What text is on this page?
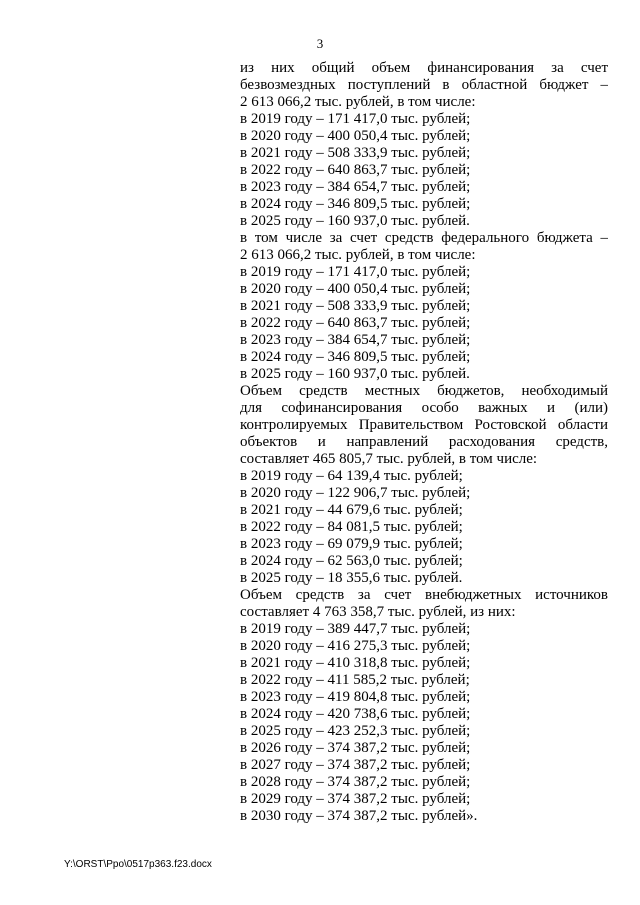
3
из них общий объем финансирования за счет
безвозмездных поступлений в областной бюджет –
2 613 066,2 тыс. рублей, в том числе:
в 2019 году – 171 417,0 тыс. рублей;
в 2020 году – 400 050,4 тыс. рублей;
в 2021 году – 508 333,9 тыс. рублей;
в 2022 году – 640 863,7 тыс. рублей;
в 2023 году – 384 654,7 тыс. рублей;
в 2024 году – 346 809,5 тыс. рублей;
в 2025 году – 160 937,0 тыс. рублей.
в том числе за счет средств федерального бюджета –
2 613 066,2 тыс. рублей, в том числе:
в 2019 году – 171 417,0 тыс. рублей;
в 2020 году – 400 050,4 тыс. рублей;
в 2021 году – 508 333,9 тыс. рублей;
в 2022 году – 640 863,7 тыс. рублей;
в 2023 году – 384 654,7 тыс. рублей;
в 2024 году – 346 809,5 тыс. рублей;
в 2025 году – 160 937,0 тыс. рублей.
Объем средств местных бюджетов, необходимый
для софинансирования особо важных и (или)
контролируемых Правительством Ростовской области
объектов и направлений расходования средств,
составляет 465 805,7 тыс. рублей, в том числе:
в 2019 году – 64 139,4 тыс. рублей;
в 2020 году – 122 906,7 тыс. рублей;
в 2021 году – 44 679,6 тыс. рублей;
в 2022 году – 84 081,5 тыс. рублей;
в 2023 году – 69 079,9 тыс. рублей;
в 2024 году – 62 563,0 тыс. рублей;
в 2025 году – 18 355,6 тыс. рублей.
Объем средств за счет внебюджетных источников
составляет 4 763 358,7 тыс. рублей, из них:
в 2019 году – 389 447,7 тыс. рублей;
в 2020 году – 416 275,3 тыс. рублей;
в 2021 году – 410 318,8 тыс. рублей;
в 2022 году – 411 585,2 тыс. рублей;
в 2023 году – 419 804,8 тыс. рублей;
в 2024 году – 420 738,6 тыс. рублей;
в 2025 году – 423 252,3 тыс. рублей;
в 2026 году – 374 387,2 тыс. рублей;
в 2027 году – 374 387,2 тыс. рублей;
в 2028 году – 374 387,2 тыс. рублей;
в 2029 году – 374 387,2 тыс. рублей;
в 2030 году – 374 387,2 тыс. рублей».
Y:\ORST\Ppo\0517p363.f23.docx
